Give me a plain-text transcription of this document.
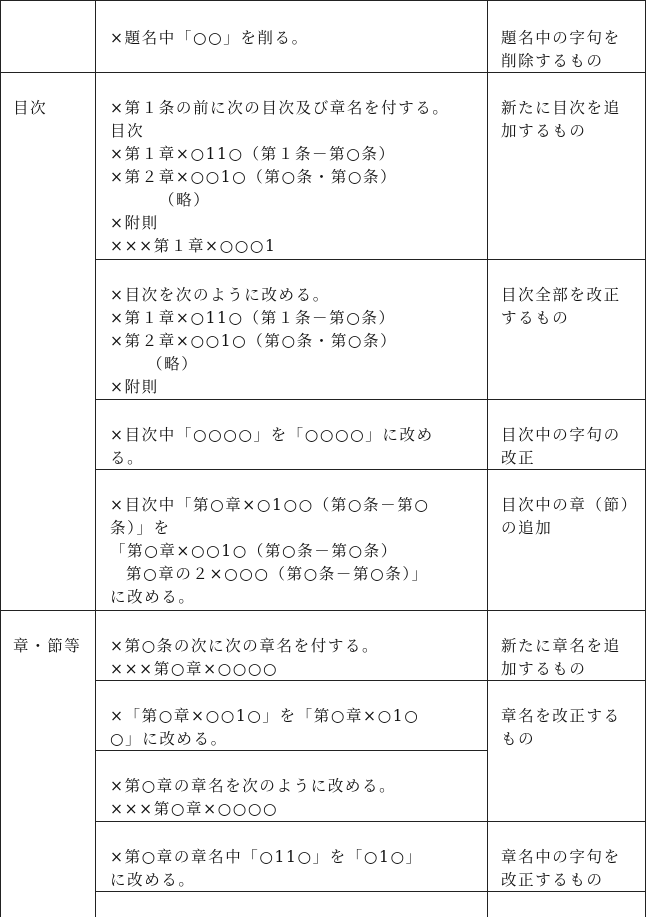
×題名中「○○」を削る。	題名中の字句を
削除するもの
目次	×第１条の前に次の目次及び章名を付する。
目次
×第１章×○11○（第１条－第○条）
×第２章×○○1○（第○条・第○条）
（略）
×附則
×××第１章×○○○1
新たに目次を追
加するもの
×目次を次のように改める。
×第１章×○11○（第１条－第○条）
×第２章×○○1○（第○条・第○条）
（略）
×附則
目次全部を改正
するもの
×目次中「○○○○」を「○○○○」に改め
る。
目次中の字句の
改正
×目次中「第○章×○1○○（第○条－第○
条）」を
「第○章×○○1○（第○条－第○条）
第○章の２×○○○（第○条－第○条）」
に改める。
目次中の章（節）
の追加
章・節等 ×第○条の次に次の章名を付する。
×××第○章×○○○○
新たに章名を追
加するもの
×「第○章×○○1○」を「第○章×○1○
○」に改める。
章名を改正する
もの
×第○章の章名を次のように改める。
×××第○章×○○○○
×第○章の章名中「○11○」を「○1○」
に改める。
章名中の字句を
改正するもの
